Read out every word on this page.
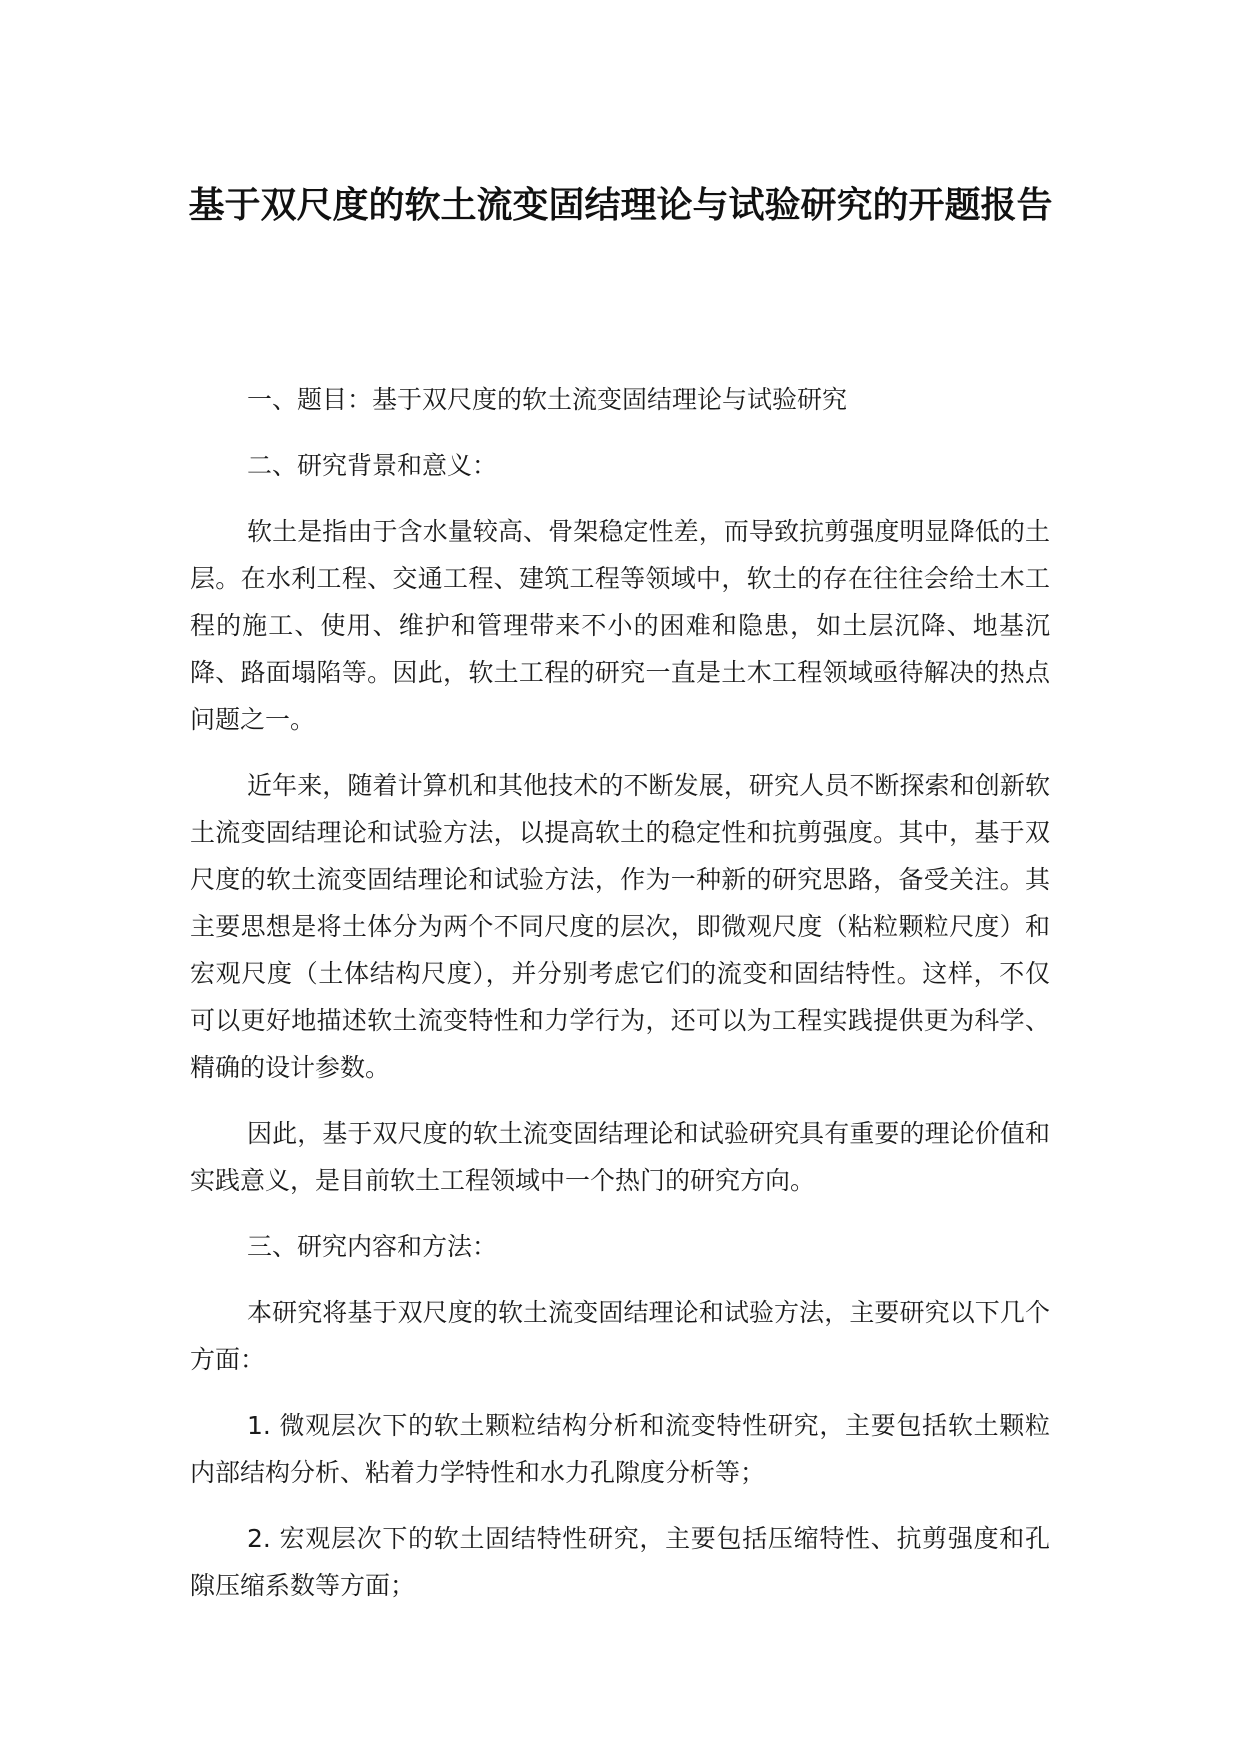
基于双尺度的软土流变固结理论与试验研究的开题报告

一、题目：基于双尺度的软土流变固结理论与试验研究

二、研究背景和意义：

软土是指由于含水量较高、骨架稳定性差，而导致抗剪强度明显降低的土层。在水利工程、交通工程、建筑工程等领域中，软土的存在往往会给土木工程的施工、使用、维护和管理带来不小的困难和隐患，如土层沉降、地基沉降、路面塌陷等。因此，软土工程的研究一直是土木工程领域亟待解决的热点问题之一。

近年来，随着计算机和其他技术的不断发展，研究人员不断探索和创新软土流变固结理论和试验方法，以提高软土的稳定性和抗剪强度。其中，基于双尺度的软土流变固结理论和试验方法，作为一种新的研究思路，备受关注。其主要思想是将土体分为两个不同尺度的层次，即微观尺度（粘粒颗粒尺度）和宏观尺度（土体结构尺度），并分别考虑它们的流变和固结特性。这样，不仅可以更好地描述软土流变特性和力学行为，还可以为工程实践提供更为科学、精确的设计参数。

因此，基于双尺度的软土流变固结理论和试验研究具有重要的理论价值和实践意义，是目前软土工程领域中一个热门的研究方向。

三、研究内容和方法：

本研究将基于双尺度的软土流变固结理论和试验方法，主要研究以下几个方面：

1. 微观层次下的软土颗粒结构分析和流变特性研究，主要包括软土颗粒内部结构分析、粘着力学特性和水力孔隙度分析等；

2. 宏观层次下的软土固结特性研究，主要包括压缩特性、抗剪强度和孔隙压缩系数等方面；
